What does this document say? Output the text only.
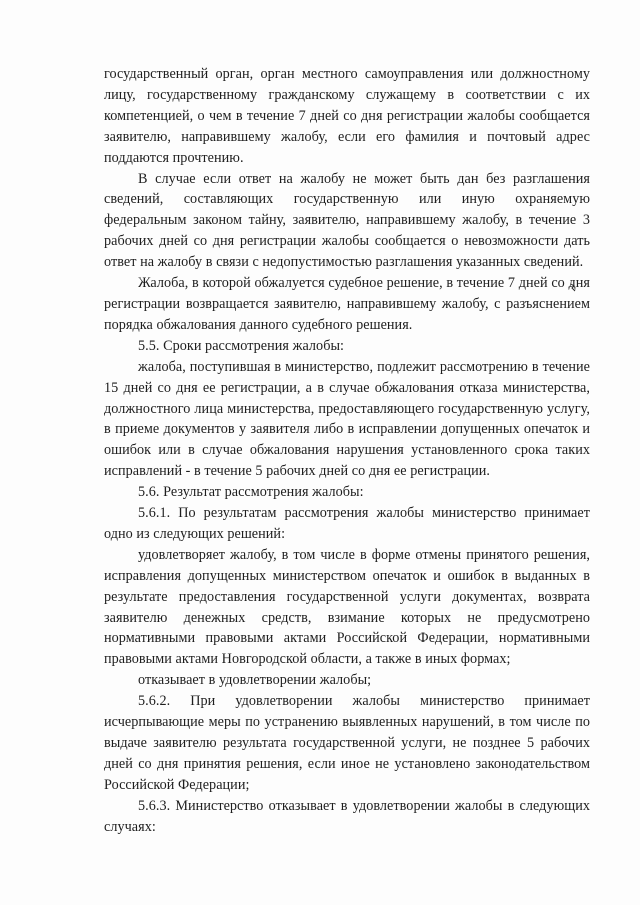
государственный орган, орган местного самоуправления или должностному лицу, государственному гражданскому служащему в соответствии с их компетенцией, о чем в течение 7 дней со дня регистрации жалобы сообщается заявителю, направившему жалобу, если его фамилия и почтовый адрес поддаются прочтению.

В случае если ответ на жалобу не может быть дан без разглашения сведений, составляющих государственную или иную охраняемую федеральным законом тайну, заявителю, направившему жалобу, в течение 3 рабочих дней со дня регистрации жалобы сообщается о невозможности дать ответ на жалобу в связи с недопустимостью разглашения указанных сведений.

Жалоба, в которой обжалуется судебное решение, в течение 7 дней со дня регистрации возвращается заявителю, направившему жалобу, с разъяснением порядка обжалования данного судебного решения.

5.5. Сроки рассмотрения жалобы:

жалоба, поступившая в министерство, подлежит рассмотрению в течение 15 дней со дня ее регистрации, а в случае обжалования отказа министерства, должностного лица министерства, предоставляющего государственную услугу, в приеме документов у заявителя либо в исправлении допущенных опечаток и ошибок или в случае обжалования нарушения установленного срока таких исправлений - в течение 5 рабочих дней со дня ее регистрации.

5.6. Результат рассмотрения жалобы:

5.6.1. По результатам рассмотрения жалобы министерство принимает одно из следующих решений:

удовлетворяет жалобу, в том числе в форме отмены принятого решения, исправления допущенных министерством опечаток и ошибок в выданных в результате предоставления государственной услуги документах, возврата заявителю денежных средств, взимание которых не предусмотрено нормативными правовыми актами Российской Федерации, нормативными правовыми актами Новгородской области, а также в иных формах;

отказывает в удовлетворении жалобы;

5.6.2. При удовлетворении жалобы министерство принимает исчерпывающие меры по устранению выявленных нарушений, в том числе по выдаче заявителю результата государственной услуги, не позднее 5 рабочих дней со дня принятия решения, если иное не установлено законодательством Российской Федерации;

5.6.3. Министерство отказывает в удовлетворении жалобы в следующих случаях:
